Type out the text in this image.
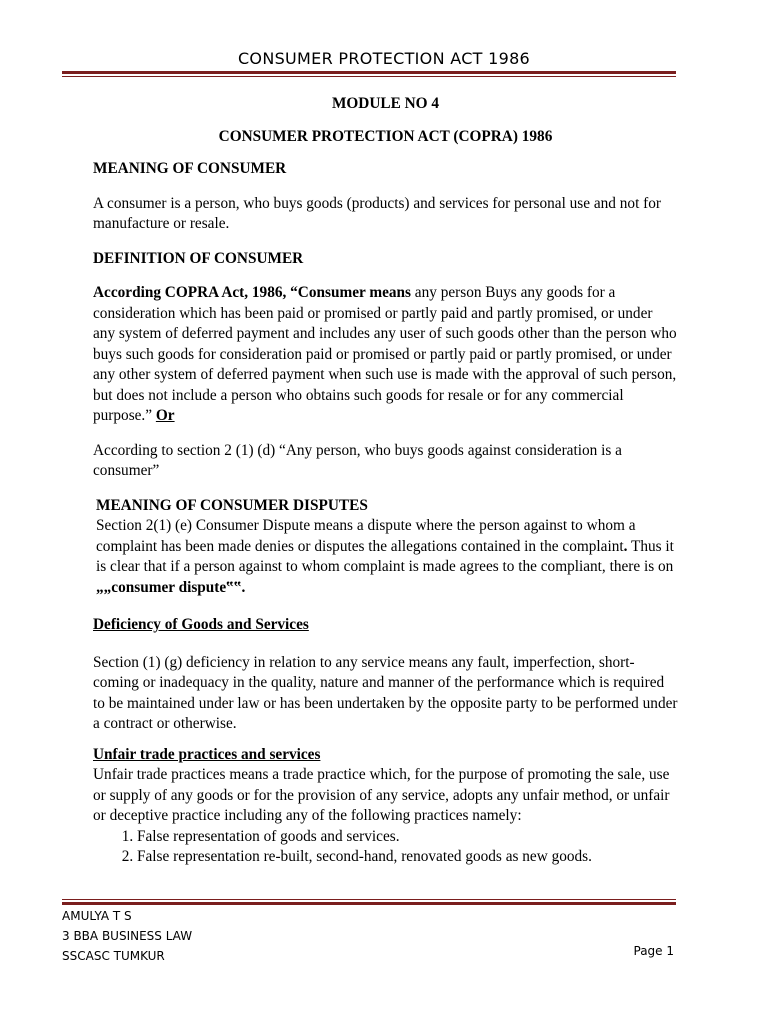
CONSUMER PROTECTION ACT 1986
MODULE NO 4
CONSUMER PROTECTION ACT (COPRA) 1986
MEANING OF CONSUMER

A consumer is a person, who buys goods (products) and services for personal use and not for manufacture or resale.

DEFINITION OF CONSUMER

According COPRA Act, 1986, “Consumer means any person Buys any goods for a consideration which has been paid or promised or partly paid and partly promised, or under any system of deferred payment and includes any user of such goods other than the person who buys such goods for consideration paid or promised or partly paid or partly promised, or under any other system of deferred payment when such use is made with the approval of such person, but does not include a person who obtains such goods for resale or for any commercial purpose.” Or

According to section 2 (1) (d) “Any person, who buys goods against consideration is a consumer”

MEANING OF CONSUMER DISPUTES

Section 2(1) (e) Consumer Dispute means a dispute where the person against to whom a complaint has been made denies or disputes the allegations contained in the complaint. Thus it is clear that if a person against to whom complaint is made agrees to the compliant, there is on „„consumer dispute‟‟.

Deficiency of Goods and Services

Section (1) (g) deficiency in relation to any service means any fault, imperfection, short-coming or inadequacy in the quality, nature and manner of the performance which is required to be maintained under law or has been undertaken by the opposite party to be performed under a contract or otherwise.

Unfair trade practices and services

Unfair trade practices means a trade practice which, for the purpose of promoting the sale, use or supply of any goods or for the provision of any service, adopts any unfair method, or unfair or deceptive practice including any of the following practices namely:

1. False representation of goods and services.
2. False representation re-built, second-hand, renovated goods as new goods.
AMULYA T S
3 BBA BUSINESS LAW
SSCASC TUMKUR	Page 1
